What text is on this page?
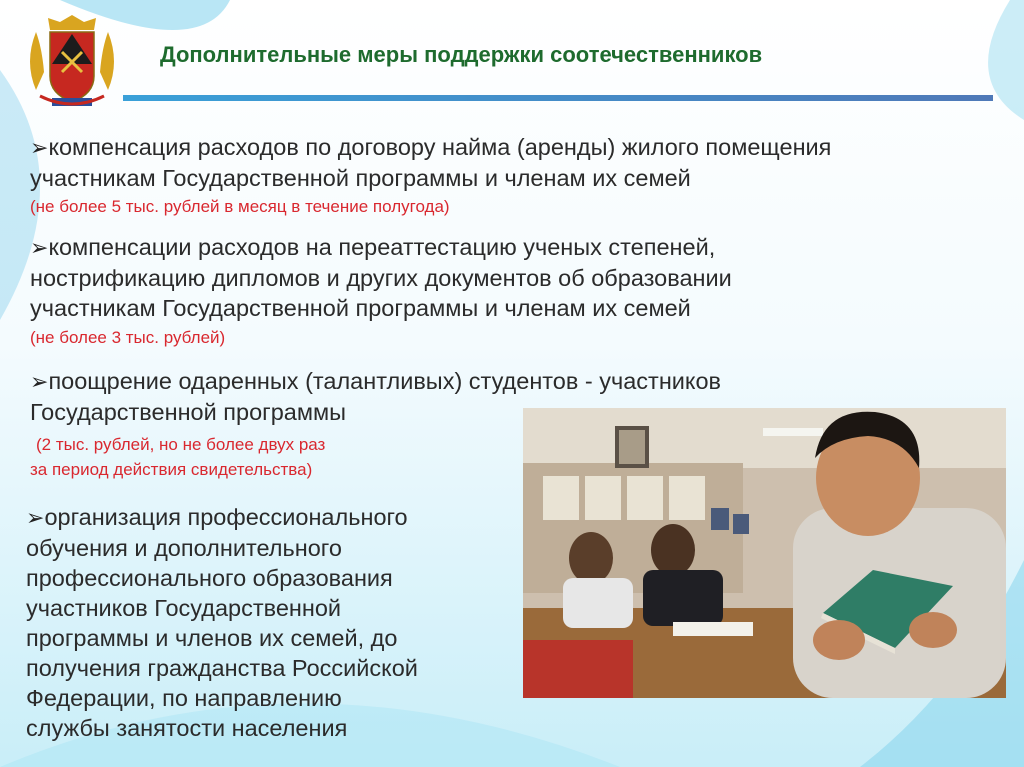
Дополнительные меры поддержки соотечественников
➢компенсация расходов по договору найма (аренды) жилого помещения
участникам Государственной программы и членам их семей
(не более 5 тыс. рублей в месяц в течение полугода)
➢компенсации расходов на переаттестацию ученых степеней,
нострификацию дипломов и других документов об образовании
участникам Государственной программы и членам их семей
(не более 3 тыс. рублей)
➢поощрение одаренных (талантливых) студентов - участников
Государственной программы
(2 тыс. рублей, но не более двух раз
за период действия свидетельства)
➢организация профессионального
обучения и дополнительного
профессионального образования
участников Государственной
программы и членов их семей, до
получения гражданства Российской
Федерации, по направлению
службы занятости населения
